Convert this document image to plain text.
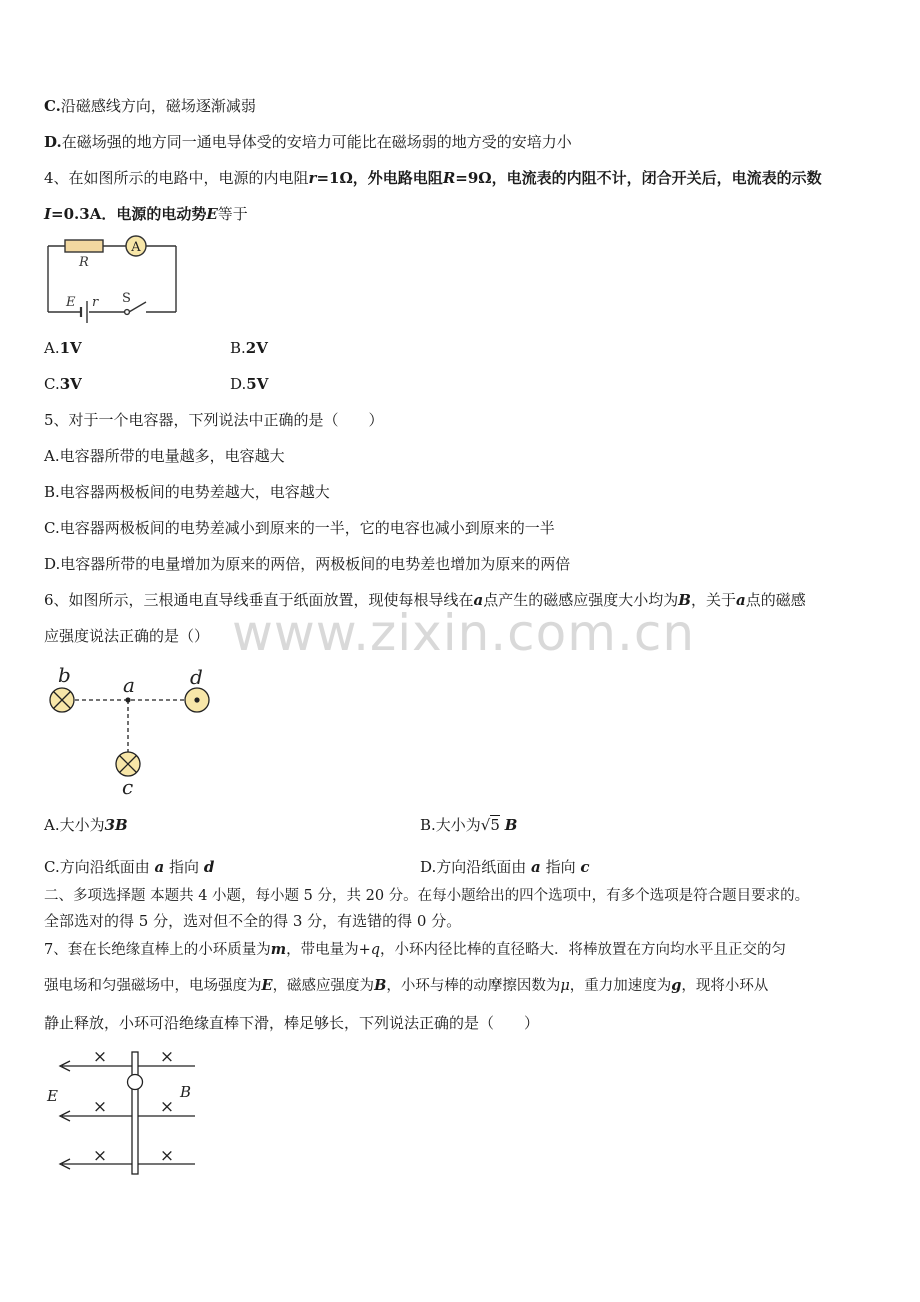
www.zixin.com.cn
C.沿磁感线方向，磁场逐渐减弱
D.在磁场强的地方同一通电导体受的安培力可能比在磁场弱的地方受的安培力小
4、在如图所示的电路中，电源的内电阻r=1Ω，外电路电阻R=9Ω，电流表的内阻不计，闭合开关后，电流表的示数
I=0.3A．电源的电动势E等于
A
R
E r S
A.1V	B.2V
C.3V	D.5V
5、对于一个电容器，下列说法中正确的是（　　）
A.电容器所带的电量越多，电容越大
B.电容器两极板间的电势差越大，电容越大
C.电容器两极板间的电势差减小到原来的一半，它的电容也减小到原来的一半
D.电容器所带的电量增加为原来的两倍，两极板间的电势差也增加为原来的两倍
6、如图所示，三根通电直导线垂直于纸面放置，现使每根导线在a点产生的磁感应强度大小均为B，关于a点的磁感
应强度说法正确的是（）
b	a	d
c
A.大小为3B	B.大小为√5 B
C.方向沿纸面由 a 指向 d	D.方向沿纸面由 a 指向 c
二、多项选择题 本题共 4 小题，每小题 5 分，共 20 分。在每小题给出的四个选项中，有多个选项是符合题目要求的。
全部选对的得 5 分，选对但不全的得 3 分，有选错的得 0 分。
7、套在长绝缘直棒上的小环质量为m，带电量为+q，小环内径比棒的直径略大．将棒放置在方向均水平且正交的匀
强电场和匀强磁场中，电场强度为E，磁感应强度为B，小环与棒的动摩擦因数为μ，重力加速度为g，现将小环从
静止释放，小环可沿绝缘直棒下滑，棒足够长，下列说法正确的是（　　）
×	×
×	×
×	×
E	B
